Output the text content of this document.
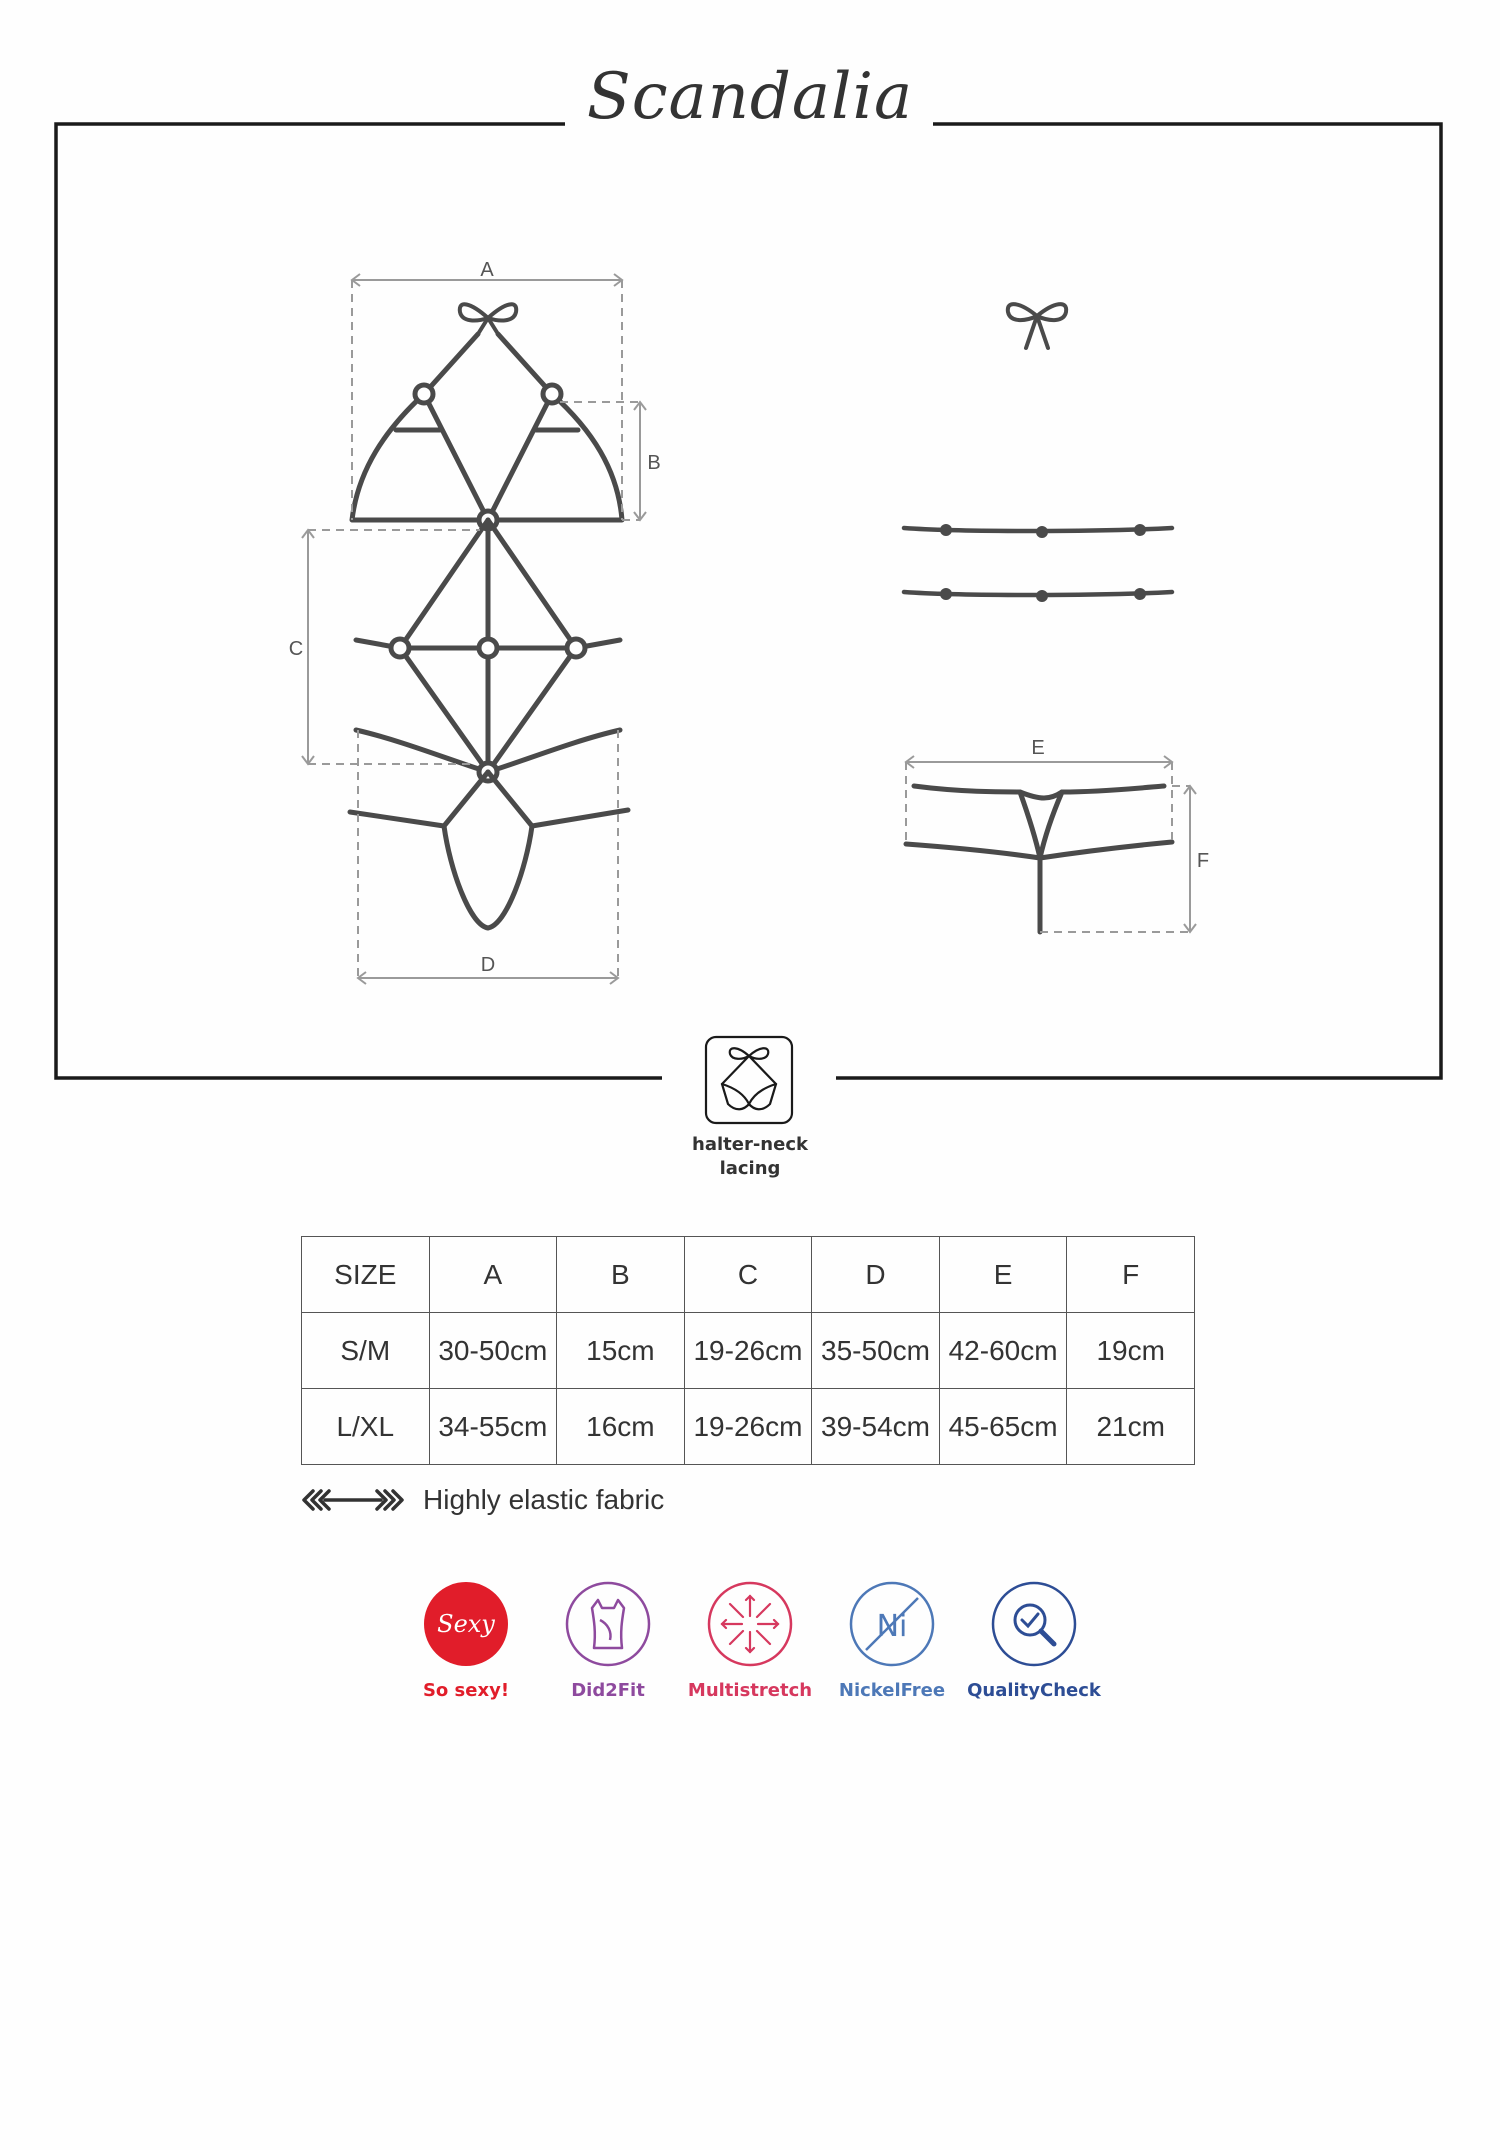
A
B
C
D
E
F
Scandalia
halter-neck
lacing
SIZE	A	B	C	D	E	F
S/M	30-50cm	15cm	19-26cm	35-50cm	42-60cm	19cm
L/XL	34-55cm	16cm	19-26cm	39-54cm	45-65cm	21cm
Highly elastic fabric
Sexy
So sexy!	Did2Fit Multistretch
Ni
NickelFree QualityCheck
